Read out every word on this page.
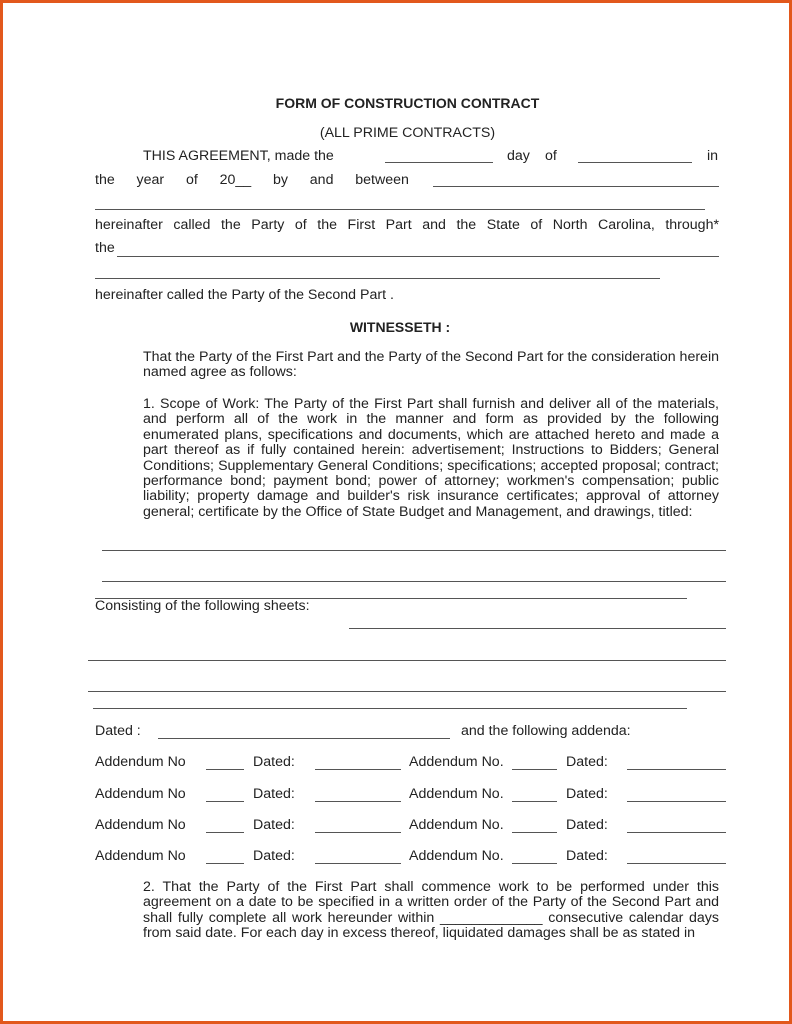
FORM OF CONSTRUCTION CONTRACT
(ALL PRIME CONTRACTS)
THIS AGREEMENT, made the	day of	in
the year of 20__ by and between
hereinafter called the Party of the First Part and the State of North Carolina, through*
the
hereinafter called the Party of the Second Part .
WITNESSETH :

That the Party of the First Part and the Party of the Second Part for the consideration herein named agree as follows:

1. Scope of Work: The Party of the First Part shall furnish and deliver all of the materials, and perform all of the work in the manner and form as provided by the following enumerated plans, specifications and documents, which are attached hereto and made a part thereof as if fully contained herein: advertisement; Instructions to Bidders; General Conditions; Supplementary General Conditions; specifications; accepted proposal; contract; performance bond; payment bond; power of attorney; workmen's compensation; public liability; property damage and builder's risk insurance certificates; approval of attorney general; certificate by the Office of State Budget and Management, and drawings, titled:

Consisting of the following sheets:
Dated :	and the following addenda:
Addendum No	Dated:	Addendum No.	Dated:
Addendum No	Dated:	Addendum No.	Dated:
Addendum No	Dated:	Addendum No.	Dated:
Addendum No	Dated:	Addendum No.	Dated:

2. That the Party of the First Part shall commence work to be performed under this agreement on a date to be specified in a written order of the Party of the Second Part and shall fully complete all work hereunder within _____________ consecutive calendar days from said date. For each day in excess thereof, liquidated damages shall be as stated in
